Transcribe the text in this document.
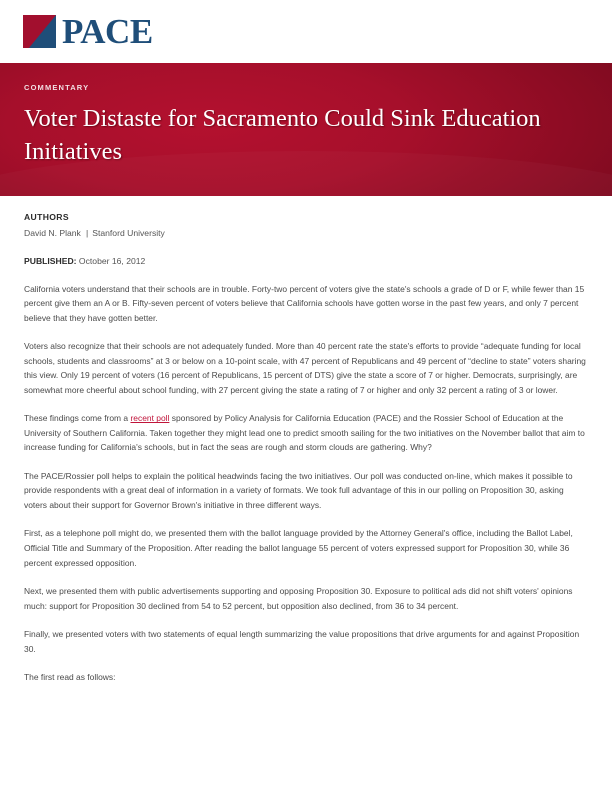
PACE
COMMENTARY
Voter Distaste for Sacramento Could Sink Education Initiatives
AUTHORS
David N. Plank | Stanford University
PUBLISHED: October 16, 2012

California voters understand that their schools are in trouble. Forty-two percent of voters give the state's schools a grade of D or F, while fewer than 15 percent give them an A or B. Fifty-seven percent of voters believe that California schools have gotten worse in the past few years, and only 7 percent believe that they have gotten better.

Voters also recognize that their schools are not adequately funded. More than 40 percent rate the state's efforts to provide “adequate funding for local schools, students and classrooms” at 3 or below on a 10-point scale, with 47 percent of Republicans and 49 percent of “decline to state” voters sharing this view. Only 19 percent of voters (16 percent of Republicans, 15 percent of DTS) give the state a score of 7 or higher. Democrats, surprisingly, are somewhat more cheerful about school funding, with 27 percent giving the state a rating of 7 or higher and only 32 percent a rating of 3 or lower.

These findings come from a recent poll sponsored by Policy Analysis for California Education (PACE) and the Rossier School of Education at the University of Southern California. Taken together they might lead one to predict smooth sailing for the two initiatives on the November ballot that aim to increase funding for California's schools, but in fact the seas are rough and storm clouds are gathering. Why?

The PACE/Rossier poll helps to explain the political headwinds facing the two initiatives. Our poll was conducted on-line, which makes it possible to provide respondents with a great deal of information in a variety of formats. We took full advantage of this in our polling on Proposition 30, asking voters about their support for Governor Brown's initiative in three different ways.

First, as a telephone poll might do, we presented them with the ballot language provided by the Attorney General's office, including the Ballot Label, Official Title and Summary of the Proposition. After reading the ballot language 55 percent of voters expressed support for Proposition 30, while 36 percent expressed opposition.

Next, we presented them with public advertisements supporting and opposing Proposition 30. Exposure to political ads did not shift voters' opinions much: support for Proposition 30 declined from 54 to 52 percent, but opposition also declined, from 36 to 34 percent.

Finally, we presented voters with two statements of equal length summarizing the value propositions that drive arguments for and against Proposition 30.

The first read as follows:
